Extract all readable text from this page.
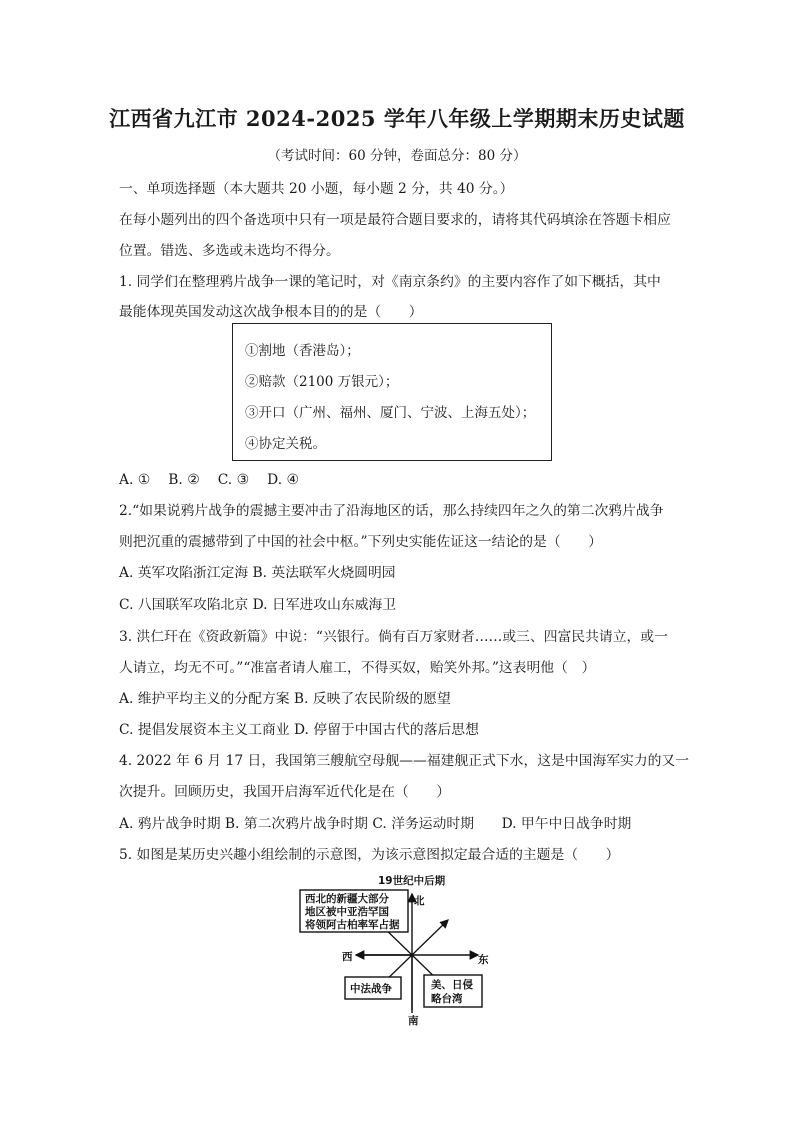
江西省九江市 2024-2025 学年八年级上学期期末历史试题
（考试时间：60 分钟，卷面总分：80 分）
一、单项选择题（本大题共 20 小题，每小题 2 分，共 40 分。）
在每小题列出的四个备选项中只有一项是最符合题目要求的，请将其代码填涂在答题卡相应
位置。错选、多选或未选均不得分。
1. 同学们在整理鸦片战争一课的笔记时，对《南京条约》的主要内容作了如下概括，其中
最能体现英国发动这次战争根本目的的是（　　）
①割地（香港岛）；
②赔款（2100 万银元）；
③开口（广州、福州、厦门、宁波、上海五处）；
④协定关税。
A. ①　 B. ②　 C. ③　 D. ④
2.“如果说鸦片战争的震撼主要冲击了沿海地区的话，那么持续四年之久的第二次鸦片战争
则把沉重的震撼带到了中国的社会中枢。”下列史实能佐证这一结论的是（　　）
A. 英军攻陷浙江定海 B. 英法联军火烧圆明园
C. 八国联军攻陷北京 D. 日军进攻山东威海卫
3. 洪仁玕在《资政新篇》中说：“兴银行。倘有百万家财者……或三、四富民共请立，或一
人请立，均无不可。”“准富者请人雇工，不得买奴，贻笑外邦。”这表明他（　）
A. 维护平均主义的分配方案 B. 反映了农民阶级的愿望
C. 提倡发展资本主义工商业 D. 停留于中国古代的落后思想
4. 2022 年 6 月 17 日，我国第三艘航空母舰——福建舰正式下水，这是中国海军实力的又一
次提升。回顾历史，我国开启海军近代化是在（　　）
A. 鸦片战争时期 B. 第二次鸦片战争时期 C. 洋务运动时期　　D. 甲午中日战争时期
5. 如图是某历史兴趣小组绘制的示意图，为该示意图拟定最合适的主题是（　　）
19世纪中后期
北
南
东
西
西北的新疆大部分
地区被中亚浩罕国
将领阿古柏率军占据
中法战争	美、日侵
略台湾
